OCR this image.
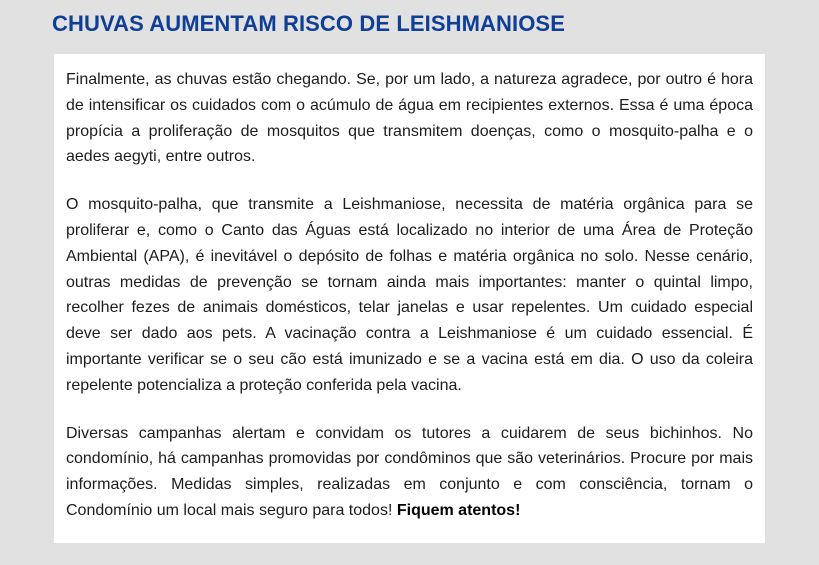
CHUVAS AUMENTAM RISCO DE LEISHMANIOSE

Finalmente, as chuvas estão chegando. Se, por um lado, a natureza agradece, por outro é hora de intensificar os cuidados com o acúmulo de água em recipientes externos. Essa é uma época propícia a proliferação de mosquitos que transmitem doenças, como o mosquito-palha e o aedes aegyti, entre outros.

O mosquito-palha, que transmite a Leishmaniose, necessita de matéria orgânica para se proliferar e, como o Canto das Águas está localizado no interior de uma Área de Proteção Ambiental (APA), é inevitável o depósito de folhas e matéria orgânica no solo. Nesse cenário, outras medidas de prevenção se tornam ainda mais importantes: manter o quintal limpo, recolher fezes de animais domésticos, telar janelas e usar repelentes. Um cuidado especial deve ser dado aos pets. A vacinação contra a Leishmaniose é um cuidado essencial. É importante verificar se o seu cão está imunizado e se a vacina está em dia. O uso da coleira repelente potencializa a proteção conferida pela vacina.

Diversas campanhas alertam e convidam os tutores a cuidarem de seus bichinhos. No condomínio, há campanhas promovidas por condôminos que são veterinários. Procure por mais informações. Medidas simples, realizadas em conjunto e com consciência, tornam o Condomínio um local mais seguro para todos! Fiquem atentos!
